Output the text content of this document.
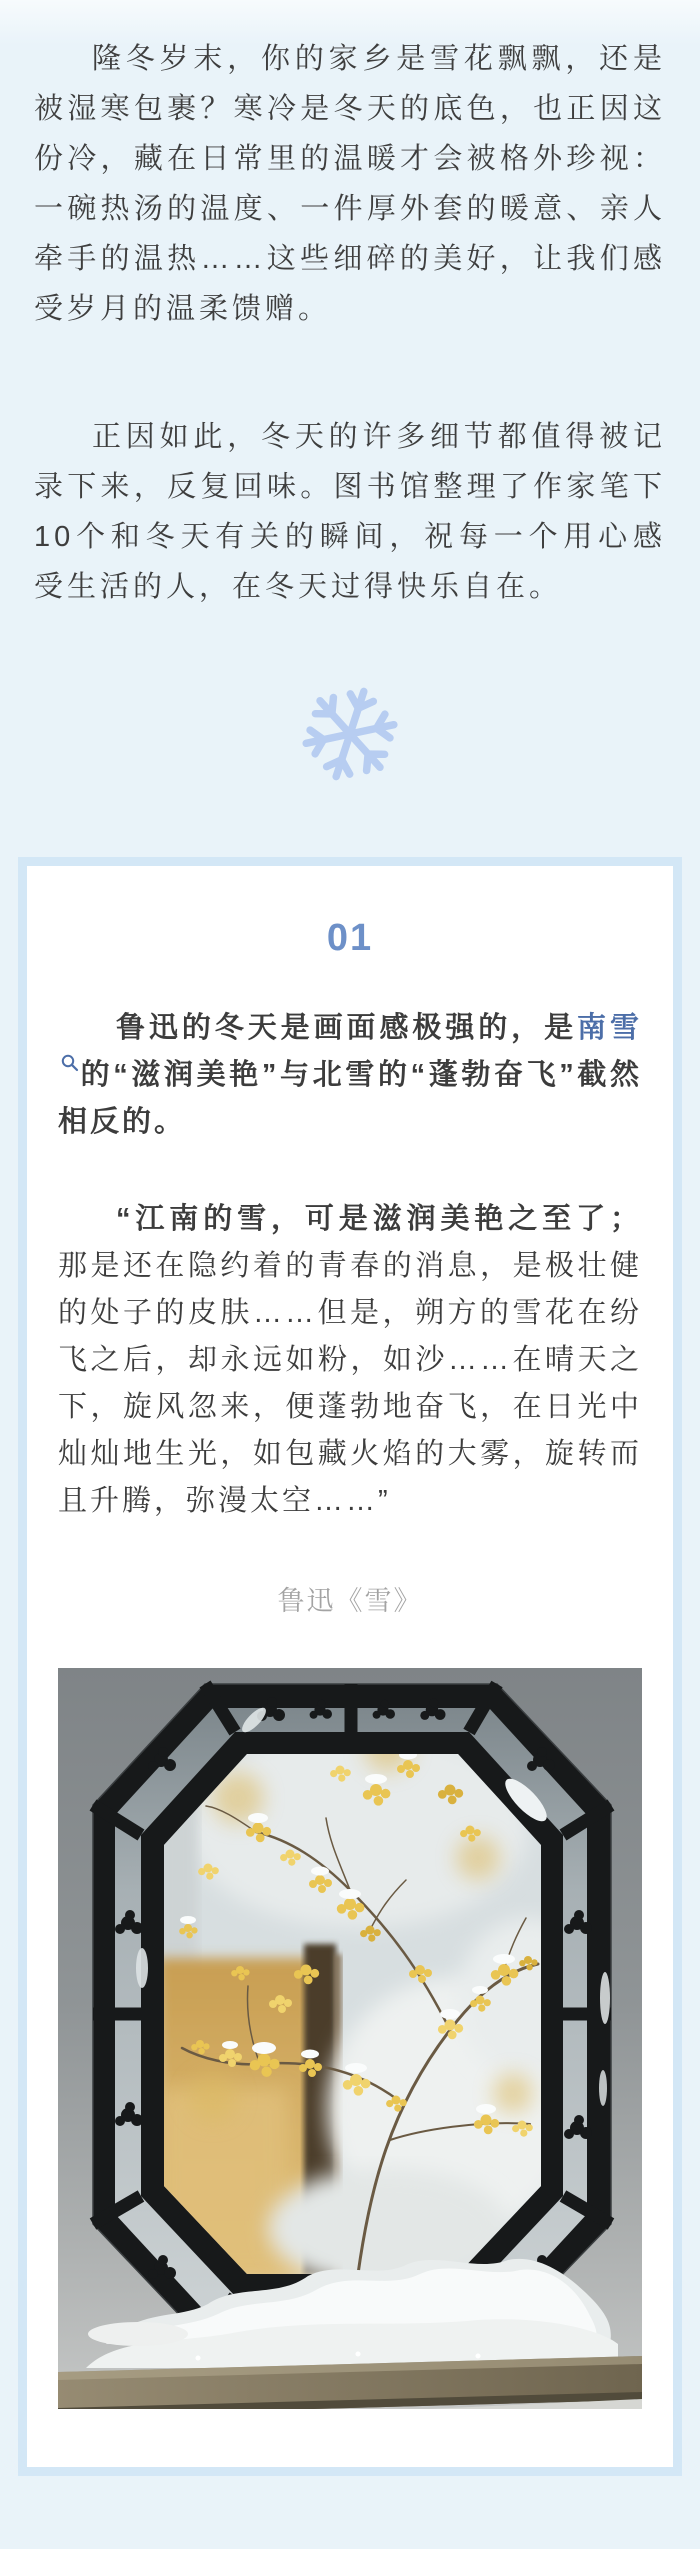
隆冬岁末，你的家乡是雪花飘飘，还是被湿寒包裹？寒冷是冬天的底色，也正因这份冷，藏在日常里的温暖才会被格外珍视：一碗热汤的温度、一件厚外套的暖意、亲人牵手的温热……这些细碎的美好，让我们感受岁月的温柔馈赠。

正因如此，冬天的许多细节都值得被记录下来，反复回味。图书馆整理了作家笔下10个和冬天有关的瞬间，祝每一个用心感受生活的人，在冬天过得快乐自在。

01

鲁迅的冬天是画面感极强的，是南雪的“滋润美艳”与北雪的“蓬勃奋飞”截然相反的。

“江南的雪，可是滋润美艳之至了；那是还在隐约着的青春的消息，是极壮健的处子的皮肤……但是，朔方的雪花在纷飞之后，却永远如粉，如沙……在晴天之下，旋风忽来，便蓬勃地奋飞，在日光中灿灿地生光，如包藏火焰的大雾，旋转而且升腾，弥漫太空……”

鲁迅《雪》
